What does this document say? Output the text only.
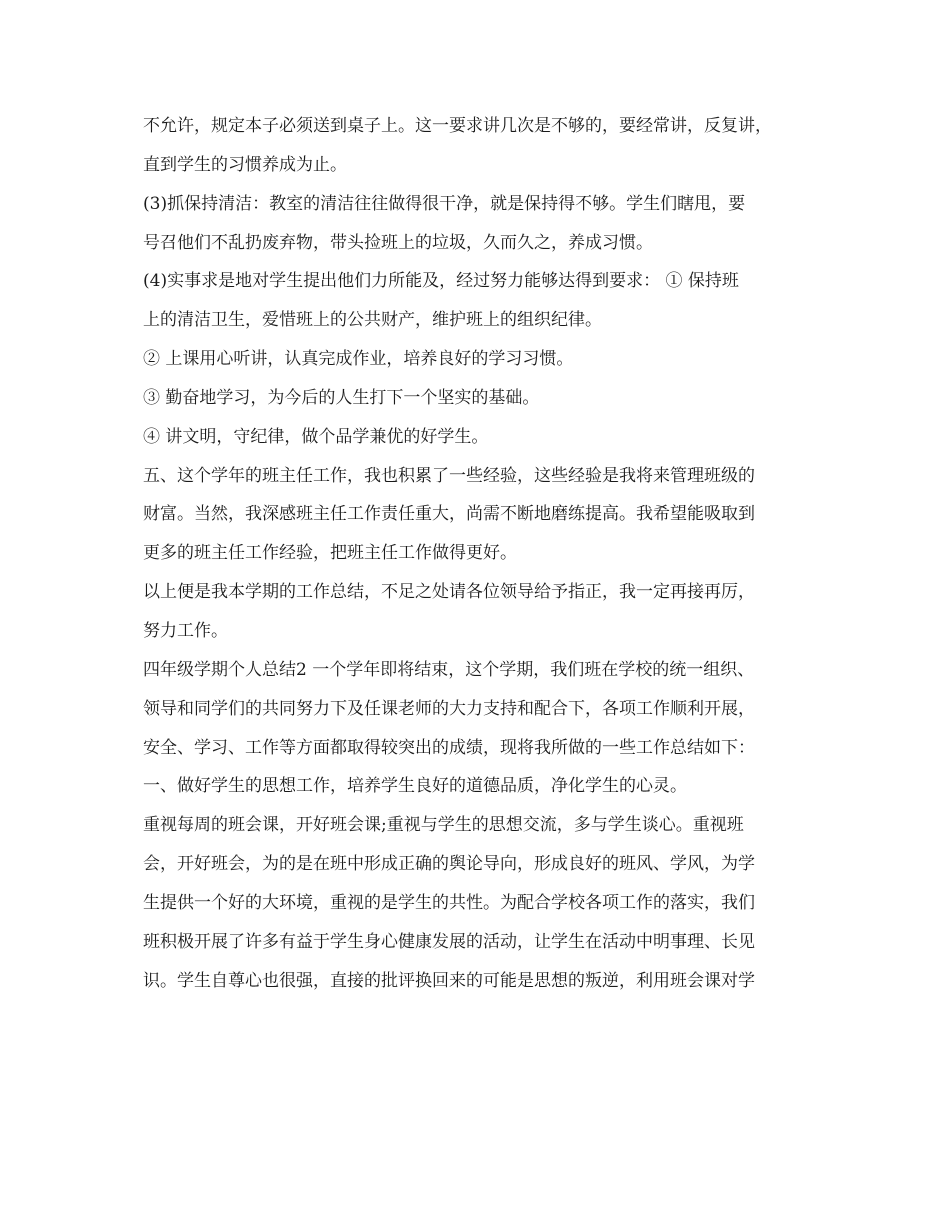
不允许，规定本子必须送到桌子上。这一要求讲几次是不够的，要经常讲，反复讲，
直到学生的习惯养成为止。
(3)抓保持清洁：教室的清洁往往做得很干净，就是保持得不够。学生们瞎甩，要
号召他们不乱扔废弃物，带头捡班上的垃圾，久而久之，养成习惯。
(4)实事求是地对学生提出他们力所能及，经过努力能够达得到要求： ① 保持班
上的清洁卫生，爱惜班上的公共财产，维护班上的组织纪律。
② 上课用心听讲，认真完成作业，培养良好的学习习惯。
③ 勤奋地学习，为今后的人生打下一个坚实的基础。
④ 讲文明，守纪律，做个品学兼优的好学生。
五、这个学年的班主任工作，我也积累了一些经验，这些经验是我将来管理班级的
财富。当然，我深感班主任工作责任重大，尚需不断地磨练提高。我希望能吸取到
更多的班主任工作经验，把班主任工作做得更好。
以上便是我本学期的工作总结，不足之处请各位领导给予指正，我一定再接再厉，
努力工作。
四年级学期个人总结2 一个学年即将结束，这个学期，我们班在学校的统一组织、
领导和同学们的共同努力下及任课老师的大力支持和配合下，各项工作顺利开展，
安全、学习、工作等方面都取得较突出的成绩，现将我所做的一些工作总结如下：
一、做好学生的思想工作，培养学生良好的道德品质，净化学生的心灵。
重视每周的班会课，开好班会课;重视与学生的思想交流，多与学生谈心。重视班
会，开好班会，为的是在班中形成正确的舆论导向，形成良好的班风、学风，为学
生提供一个好的大环境，重视的是学生的共性。为配合学校各项工作的落实，我们
班积极开展了许多有益于学生身心健康发展的活动，让学生在活动中明事理、长见
识。学生自尊心也很强，直接的批评换回来的可能是思想的叛逆，利用班会课对学
